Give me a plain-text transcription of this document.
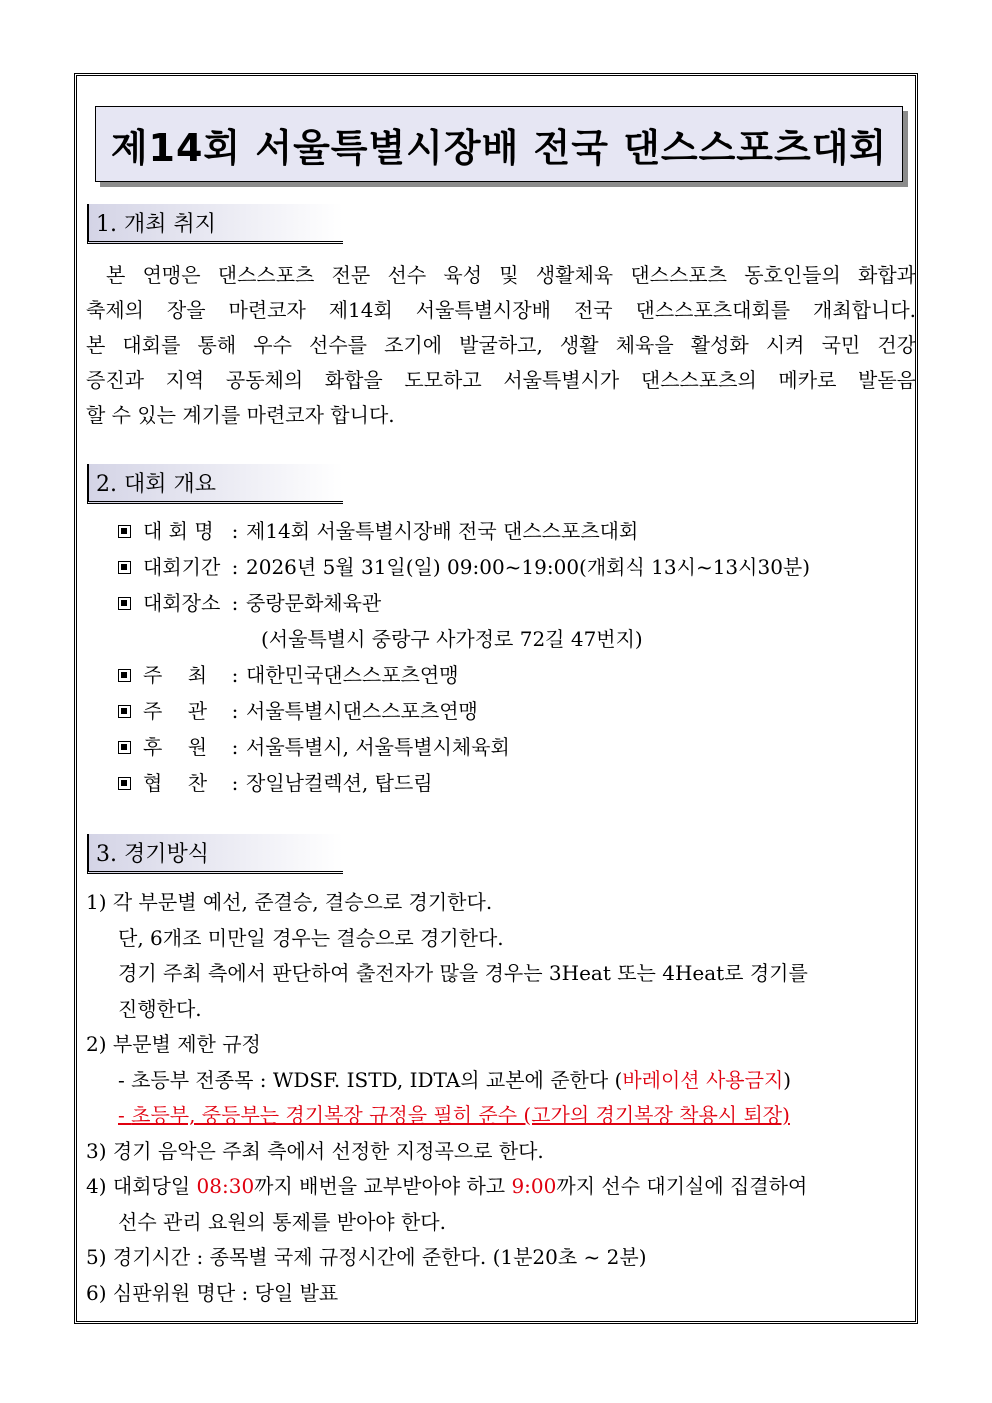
제14회 서울특별시장배 전국 댄스스포츠대회
1. 개최 취지
본 연맹은 댄스스포츠 전문 선수 육성 및 생활체육 댄스스포츠 동호인들의 화합과
축제의 장을 마련코자 제14회 서울특별시장배 전국 댄스스포츠대회를 개최합니다.
본 대회를 통해 우수 선수를 조기에 발굴하고, 생활 체육을 활성화 시켜 국민 건강
증진과 지역 공동체의 화합을 도모하고 서울특별시가 댄스스포츠의 메카로 발돋음
할 수 있는 계기를 마련코자 합니다.
2. 대회 개요
대 회 명 : 제14회 서울특별시장배 전국 댄스스포츠대회
대회기간 : 2026년 5월 31일(일) 09:00~19:00(개회식 13시~13시30분)
대회장소 : 중랑문화체육관
(서울특별시 중랑구 사가정로 72길 47번지)
주    최	: 대한민국댄스스포츠연맹
주    관	: 서울특별시댄스스포츠연맹
후    원	: 서울특별시, 서울특별시체육회
협    찬	: 장일남컬렉션, 탑드림
3. 경기방식
1) 각 부문별 예선, 준결승, 결승으로 경기한다.
단, 6개조 미만일 경우는 결승으로 경기한다.
경기 주최 측에서 판단하여 출전자가 많을 경우는 3Heat 또는 4Heat로 경기를
진행한다.
2) 부문별 제한 규정
- 초등부 전종목 : WDSF. ISTD, IDTA의 교본에 준한다 (바레이션 사용금지)
- 초등부, 중등부는 경기복장 규정을 필히 준수 (고가의 경기복장 착용시 퇴장)
3) 경기 음악은 주최 측에서 선정한 지정곡으로 한다.
4) 대회당일 08:30까지 배번을 교부받아야 하고 9:00까지 선수 대기실에 집결하여
선수 관리 요원의 통제를 받아야 한다.
5) 경기시간 : 종목별 국제 규정시간에 준한다. (1분20초 ~ 2분)
6) 심판위원 명단 : 당일 발표
